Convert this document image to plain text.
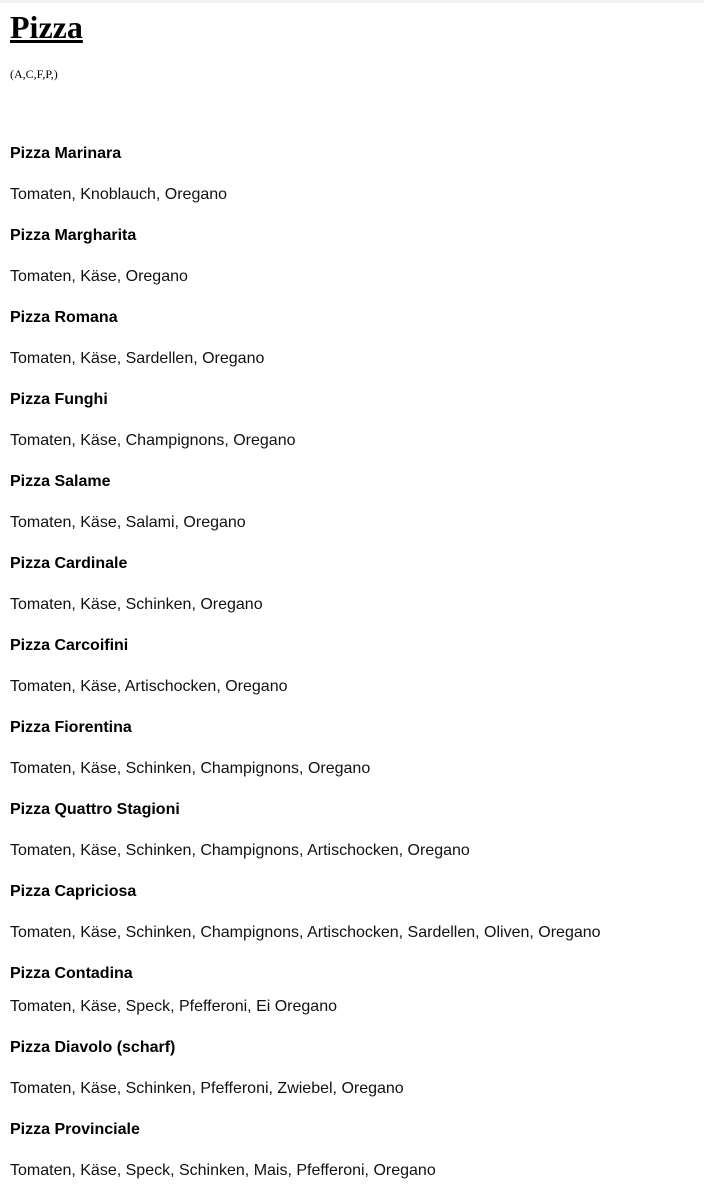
Pizza
(A,C,F,P,)
Pizza Marinara
Tomaten, Knoblauch, Oregano
Pizza Margharita
Tomaten, Käse, Oregano
Pizza Romana
Tomaten, Käse, Sardellen, Oregano
Pizza Funghi
Tomaten, Käse, Champignons, Oregano
Pizza Salame
Tomaten, Käse, Salami, Oregano
Pizza Cardinale
Tomaten, Käse, Schinken, Oregano
Pizza Carcoifini
Tomaten, Käse, Artischocken, Oregano
Pizza Fiorentina
Tomaten, Käse, Schinken, Champignons, Oregano
Pizza Quattro Stagioni
Tomaten, Käse, Schinken, Champignons, Artischocken, Oregano
Pizza Capriciosa
Tomaten, Käse, Schinken, Champignons, Artischocken, Sardellen, Oliven, Oregano
Pizza Contadina
Tomaten, Käse, Speck, Pfefferoni, Ei Oregano
Pizza Diavolo (scharf)
Tomaten, Käse, Schinken, Pfefferoni, Zwiebel, Oregano
Pizza Provinciale
Tomaten, Käse, Speck, Schinken, Mais, Pfefferoni, Oregano
